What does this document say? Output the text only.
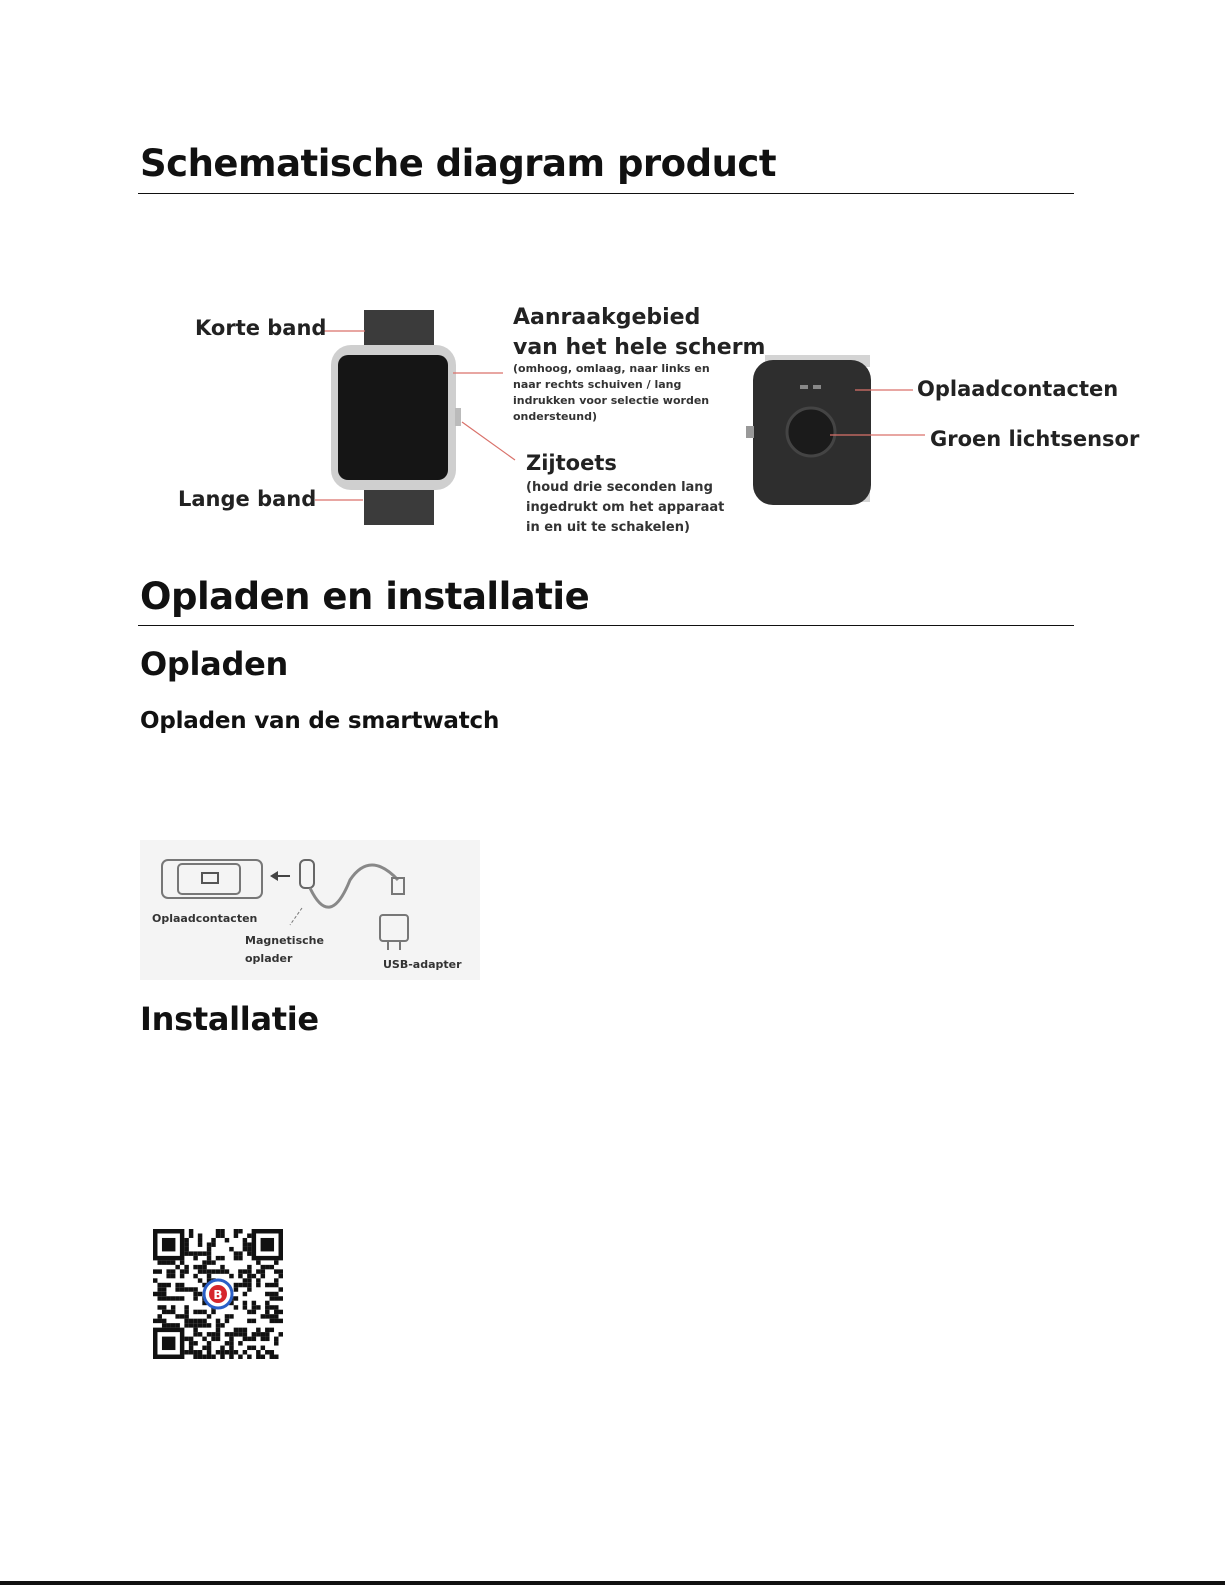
Schematische diagram product
Korte band
Lange band
Aanraakgebied
van het hele scherm
(omhoog, omlaag, naar links en
naar rechts schuiven / lang
indrukken voor selectie worden
ondersteund)
Zijtoets
(houd drie seconden lang
ingedrukt om het apparaat
in en uit te schakelen)
Oplaadcontacten
Groen lichtsensor
Opladen en installatie
Opladen
Opladen van de smartwatch
Oplaadcontacten
Magnetische
oplader	USB-adapter
Installatie
B
